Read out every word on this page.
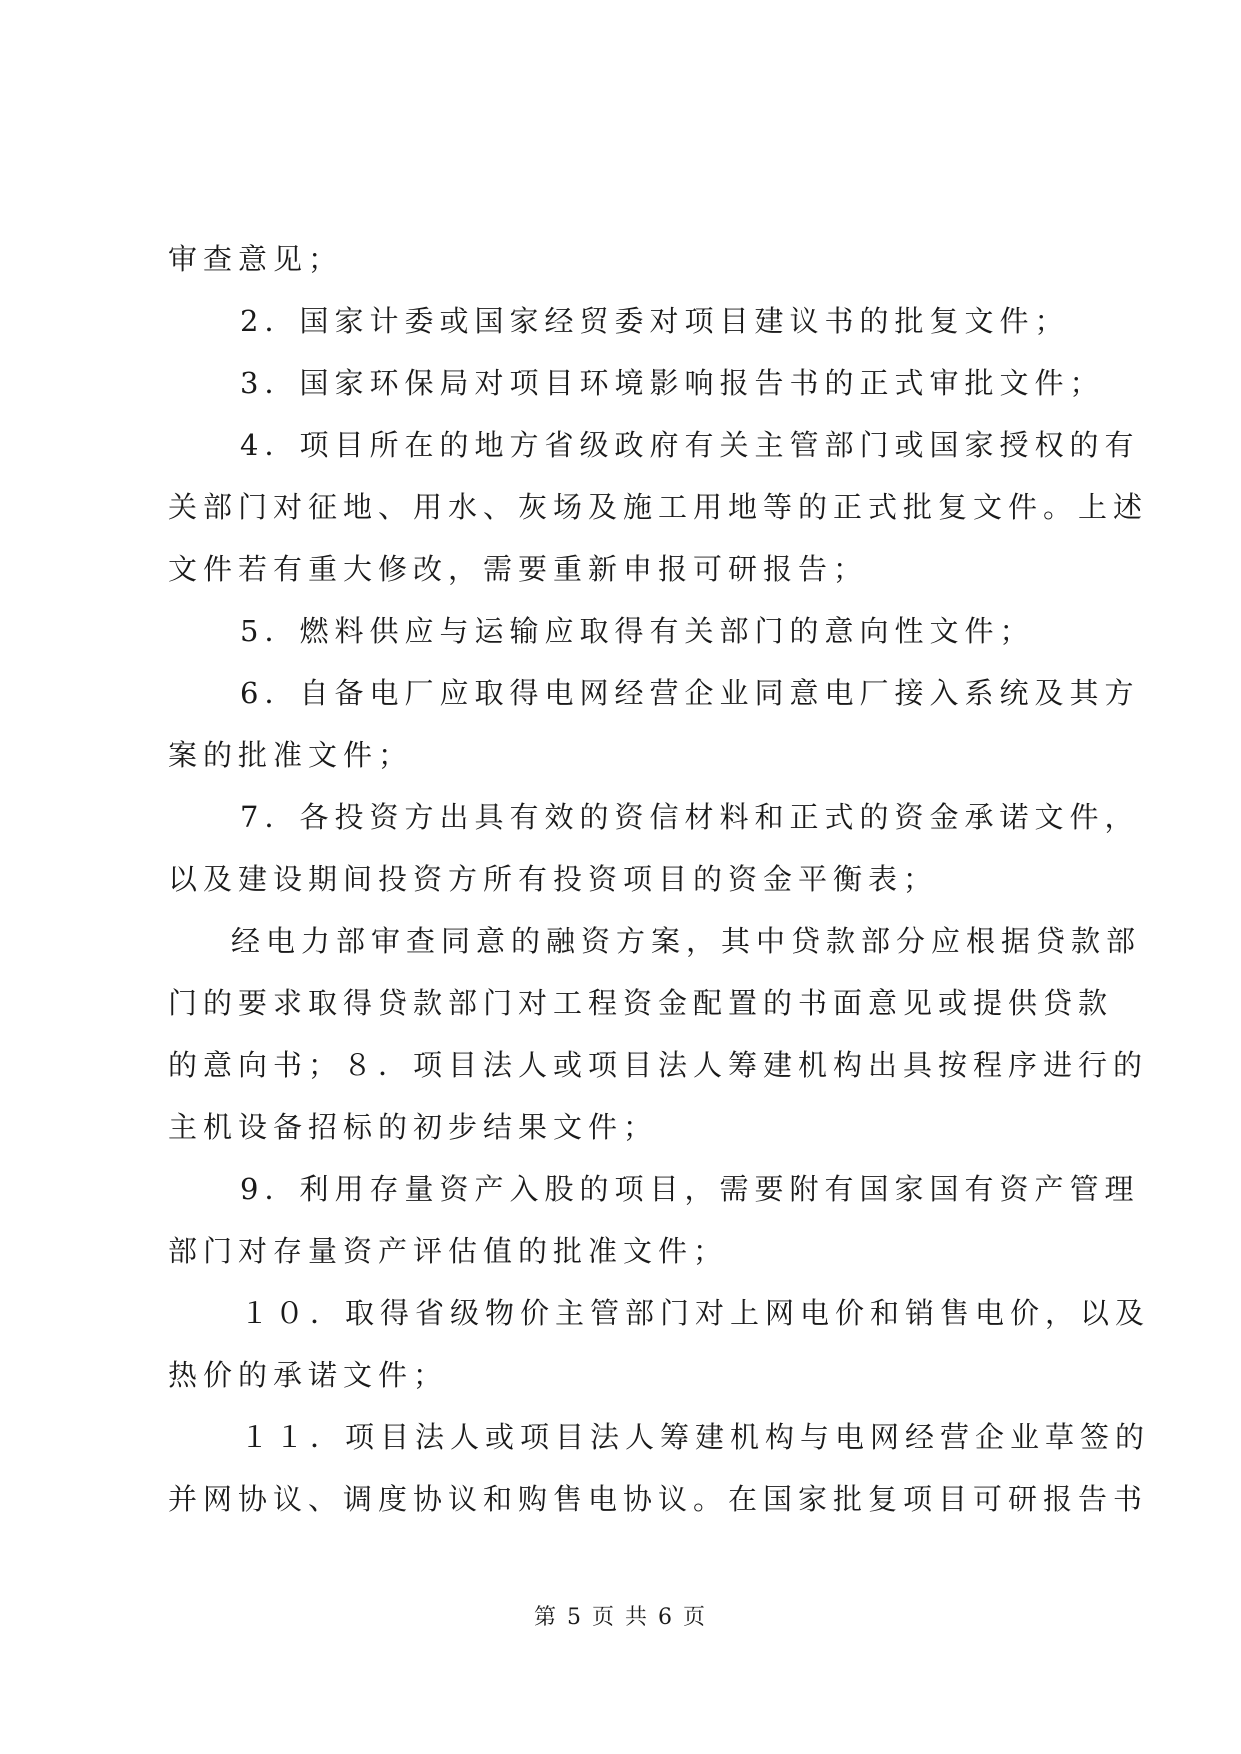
审查意见；
2．国家计委或国家经贸委对项目建议书的批复文件；
3．国家环保局对项目环境影响报告书的正式审批文件；
4．项目所在的地方省级政府有关主管部门或国家授权的有
关部门对征地、用水、灰场及施工用地等的正式批复文件。上述
文件若有重大修改，需要重新申报可研报告；
5．燃料供应与运输应取得有关部门的意向性文件；
6．自备电厂应取得电网经营企业同意电厂接入系统及其方
案的批准文件；
7．各投资方出具有效的资信材料和正式的资金承诺文件，
以及建设期间投资方所有投资项目的资金平衡表；
经电力部审查同意的融资方案，其中贷款部分应根据贷款部
门的要求取得贷款部门对工程资金配置的书面意见或提供贷款
的意向书；８．项目法人或项目法人筹建机构出具按程序进行的
主机设备招标的初步结果文件；
9．利用存量资产入股的项目，需要附有国家国有资产管理
部门对存量资产评估值的批准文件；
１０．取得省级物价主管部门对上网电价和销售电价，以及
热价的承诺文件；
１１．项目法人或项目法人筹建机构与电网经营企业草签的
并网协议、调度协议和购售电协议。在国家批复项目可研报告书
第 5 页 共 6 页
